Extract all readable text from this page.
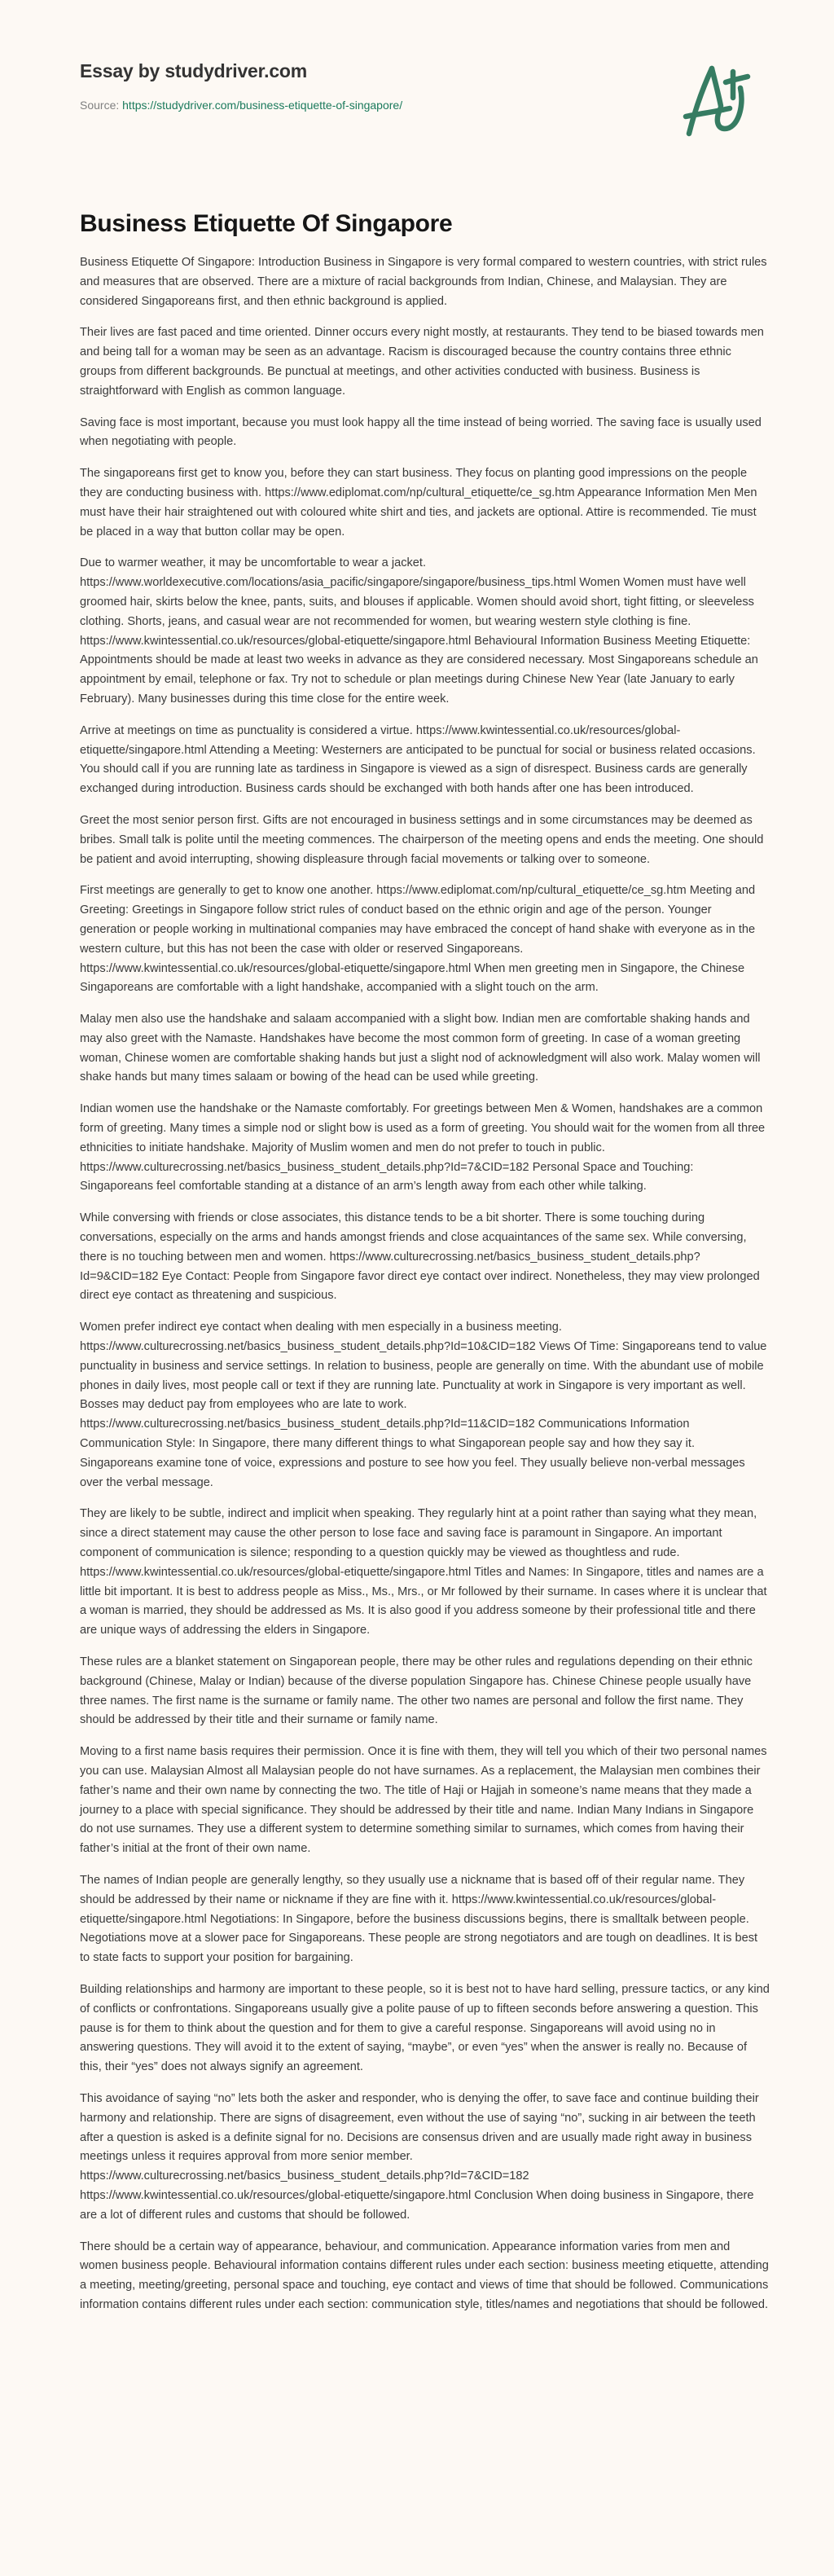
Essay by studydriver.com
Source: https://studydriver.com/business-etiquette-of-singapore/
Business Etiquette Of Singapore

Business Etiquette Of Singapore: Introduction Business in Singapore is very formal compared to western countries, with strict rules and measures that are observed. There are a mixture of racial backgrounds from Indian, Chinese, and Malaysian. They are considered Singaporeans first, and then ethnic background is applied.

Their lives are fast paced and time oriented. Dinner occurs every night mostly, at restaurants. They tend to be biased towards men and being tall for a woman may be seen as an advantage. Racism is discouraged because the country contains three ethnic groups from different backgrounds. Be punctual at meetings, and other activities conducted with business. Business is straightforward with English as common language.

Saving face is most important, because you must look happy all the time instead of being worried. The saving face is usually used when negotiating with people.

The singaporeans first get to know you, before they can start business. They focus on planting good impressions on the people they are conducting business with. https://www.ediplomat.com/np/cultural_etiquette/ce_sg.htm Appearance Information Men Men must have their hair straightened out with coloured white shirt and ties, and jackets are optional. Attire is recommended. Tie must be placed in a way that button collar may be open.

Due to warmer weather, it may be uncomfortable to wear a jacket. https://www.worldexecutive.com/locations/asia_pacific/singapore/singapore/business_tips.html Women Women must have well groomed hair, skirts below the knee, pants, suits, and blouses if applicable. Women should avoid short, tight fitting, or sleeveless clothing. Shorts, jeans, and casual wear are not recommended for women, but wearing western style clothing is fine. https://www.kwintessential.co.uk/resources/global-etiquette/singapore.html Behavioural Information Business Meeting Etiquette: Appointments should be made at least two weeks in advance as they are considered necessary. Most Singaporeans schedule an appointment by email, telephone or fax. Try not to schedule or plan meetings during Chinese New Year (late January to early February). Many businesses during this time close for the entire week.

Arrive at meetings on time as punctuality is considered a virtue. https://www.kwintessential.co.uk/resources/global-etiquette/singapore.html Attending a Meeting: Westerners are anticipated to be punctual for social or business related occasions. You should call if you are running late as tardiness in Singapore is viewed as a sign of disrespect. Business cards are generally exchanged during introduction. Business cards should be exchanged with both hands after one has been introduced.

Greet the most senior person first. Gifts are not encouraged in business settings and in some circumstances may be deemed as bribes. Small talk is polite until the meeting commences. The chairperson of the meeting opens and ends the meeting. One should be patient and avoid interrupting, showing displeasure through facial movements or talking over to someone.

First meetings are generally to get to know one another. https://www.ediplomat.com/np/cultural_etiquette/ce_sg.htm Meeting and Greeting: Greetings in Singapore follow strict rules of conduct based on the ethnic origin and age of the person. Younger generation or people working in multinational companies may have embraced the concept of hand shake with everyone as in the western culture, but this has not been the case with older or reserved Singaporeans. https://www.kwintessential.co.uk/resources/global-etiquette/singapore.html When men greeting men in Singapore, the Chinese Singaporeans are comfortable with a light handshake, accompanied with a slight touch on the arm.

Malay men also use the handshake and salaam accompanied with a slight bow. Indian men are comfortable shaking hands and may also greet with the Namaste. Handshakes have become the most common form of greeting. In case of a woman greeting woman, Chinese women are comfortable shaking hands but just a slight nod of acknowledgment will also work. Malay women will shake hands but many times salaam or bowing of the head can be used while greeting.

Indian women use the handshake or the Namaste comfortably. For greetings between Men & Women, handshakes are a common form of greeting. Many times a simple nod or slight bow is used as a form of greeting. You should wait for the women from all three ethnicities to initiate handshake. Majority of Muslim women and men do not prefer to touch in public. https://www.culturecrossing.net/basics_business_student_details.php?Id=7&CID=182 Personal Space and Touching: Singaporeans feel comfortable standing at a distance of an arm’s length away from each other while talking.

While conversing with friends or close associates, this distance tends to be a bit shorter. There is some touching during conversations, especially on the arms and hands amongst friends and close acquaintances of the same sex. While conversing, there is no touching between men and women. https://www.culturecrossing.net/basics_business_student_details.php?Id=9&CID=182 Eye Contact: People from Singapore favor direct eye contact over indirect. Nonetheless, they may view prolonged direct eye contact as threatening and suspicious.

Women prefer indirect eye contact when dealing with men especially in a business meeting. https://www.culturecrossing.net/basics_business_student_details.php?Id=10&CID=182 Views Of Time: Singaporeans tend to value punctuality in business and service settings. In relation to business, people are generally on time. With the abundant use of mobile phones in daily lives, most people call or text if they are running late. Punctuality at work in Singapore is very important as well. Bosses may deduct pay from employees who are late to work. https://www.culturecrossing.net/basics_business_student_details.php?Id=11&CID=182 Communications Information Communication Style: In Singapore, there many different things to what Singaporean people say and how they say it. Singaporeans examine tone of voice, expressions and posture to see how you feel. They usually believe non-verbal messages over the verbal message.

They are likely to be subtle, indirect and implicit when speaking. They regularly hint at a point rather than saying what they mean, since a direct statement may cause the other person to lose face and saving face is paramount in Singapore. An important component of communication is silence; responding to a question quickly may be viewed as thoughtless and rude. https://www.kwintessential.co.uk/resources/global-etiquette/singapore.html Titles and Names: In Singapore, titles and names are a little bit important. It is best to address people as Miss., Ms., Mrs., or Mr followed by their surname. In cases where it is unclear that a woman is married, they should be addressed as Ms. It is also good if you address someone by their professional title and there are unique ways of addressing the elders in Singapore.

These rules are a blanket statement on Singaporean people, there may be other rules and regulations depending on their ethnic background (Chinese, Malay or Indian) because of the diverse population Singapore has. Chinese Chinese people usually have three names. The first name is the surname or family name. The other two names are personal and follow the first name. They should be addressed by their title and their surname or family name.

Moving to a first name basis requires their permission. Once it is fine with them, they will tell you which of their two personal names you can use. Malaysian Almost all Malaysian people do not have surnames. As a replacement, the Malaysian men combines their father’s name and their own name by connecting the two. The title of Haji or Hajjah in someone’s name means that they made a journey to a place with special significance. They should be addressed by their title and name. Indian Many Indians in Singapore do not use surnames. They use a different system to determine something similar to surnames, which comes from having their father’s initial at the front of their own name.

The names of Indian people are generally lengthy, so they usually use a nickname that is based off of their regular name. They should be addressed by their name or nickname if they are fine with it. https://www.kwintessential.co.uk/resources/global-etiquette/singapore.html Negotiations: In Singapore, before the business discussions begins, there is smalltalk between people. Negotiations move at a slower pace for Singaporeans. These people are strong negotiators and are tough on deadlines. It is best to state facts to support your position for bargaining.

Building relationships and harmony are important to these people, so it is best not to have hard selling, pressure tactics, or any kind of conflicts or confrontations. Singaporeans usually give a polite pause of up to fifteen seconds before answering a question. This pause is for them to think about the question and for them to give a careful response. Singaporeans will avoid using no in answering questions. They will avoid it to the extent of saying, “maybe”, or even “yes” when the answer is really no. Because of this, their “yes” does not always signify an agreement.

This avoidance of saying “no” lets both the asker and responder, who is denying the offer, to save face and continue building their harmony and relationship. There are signs of disagreement, even without the use of saying “no”, sucking in air between the teeth after a question is asked is a definite signal for no. Decisions are consensus driven and are usually made right away in business meetings unless it requires approval from more senior member. https://www.culturecrossing.net/basics_business_student_details.php?Id=7&CID=182 https://www.kwintessential.co.uk/resources/global-etiquette/singapore.html Conclusion When doing business in Singapore, there are a lot of different rules and customs that should be followed.

There should be a certain way of appearance, behaviour, and communication. Appearance information varies from men and women business people. Behavioural information contains different rules under each section: business meeting etiquette, attending a meeting, meeting/greeting, personal space and touching, eye contact and views of time that should be followed. Communications information contains different rules under each section: communication style, titles/names and negotiations that should be followed.
